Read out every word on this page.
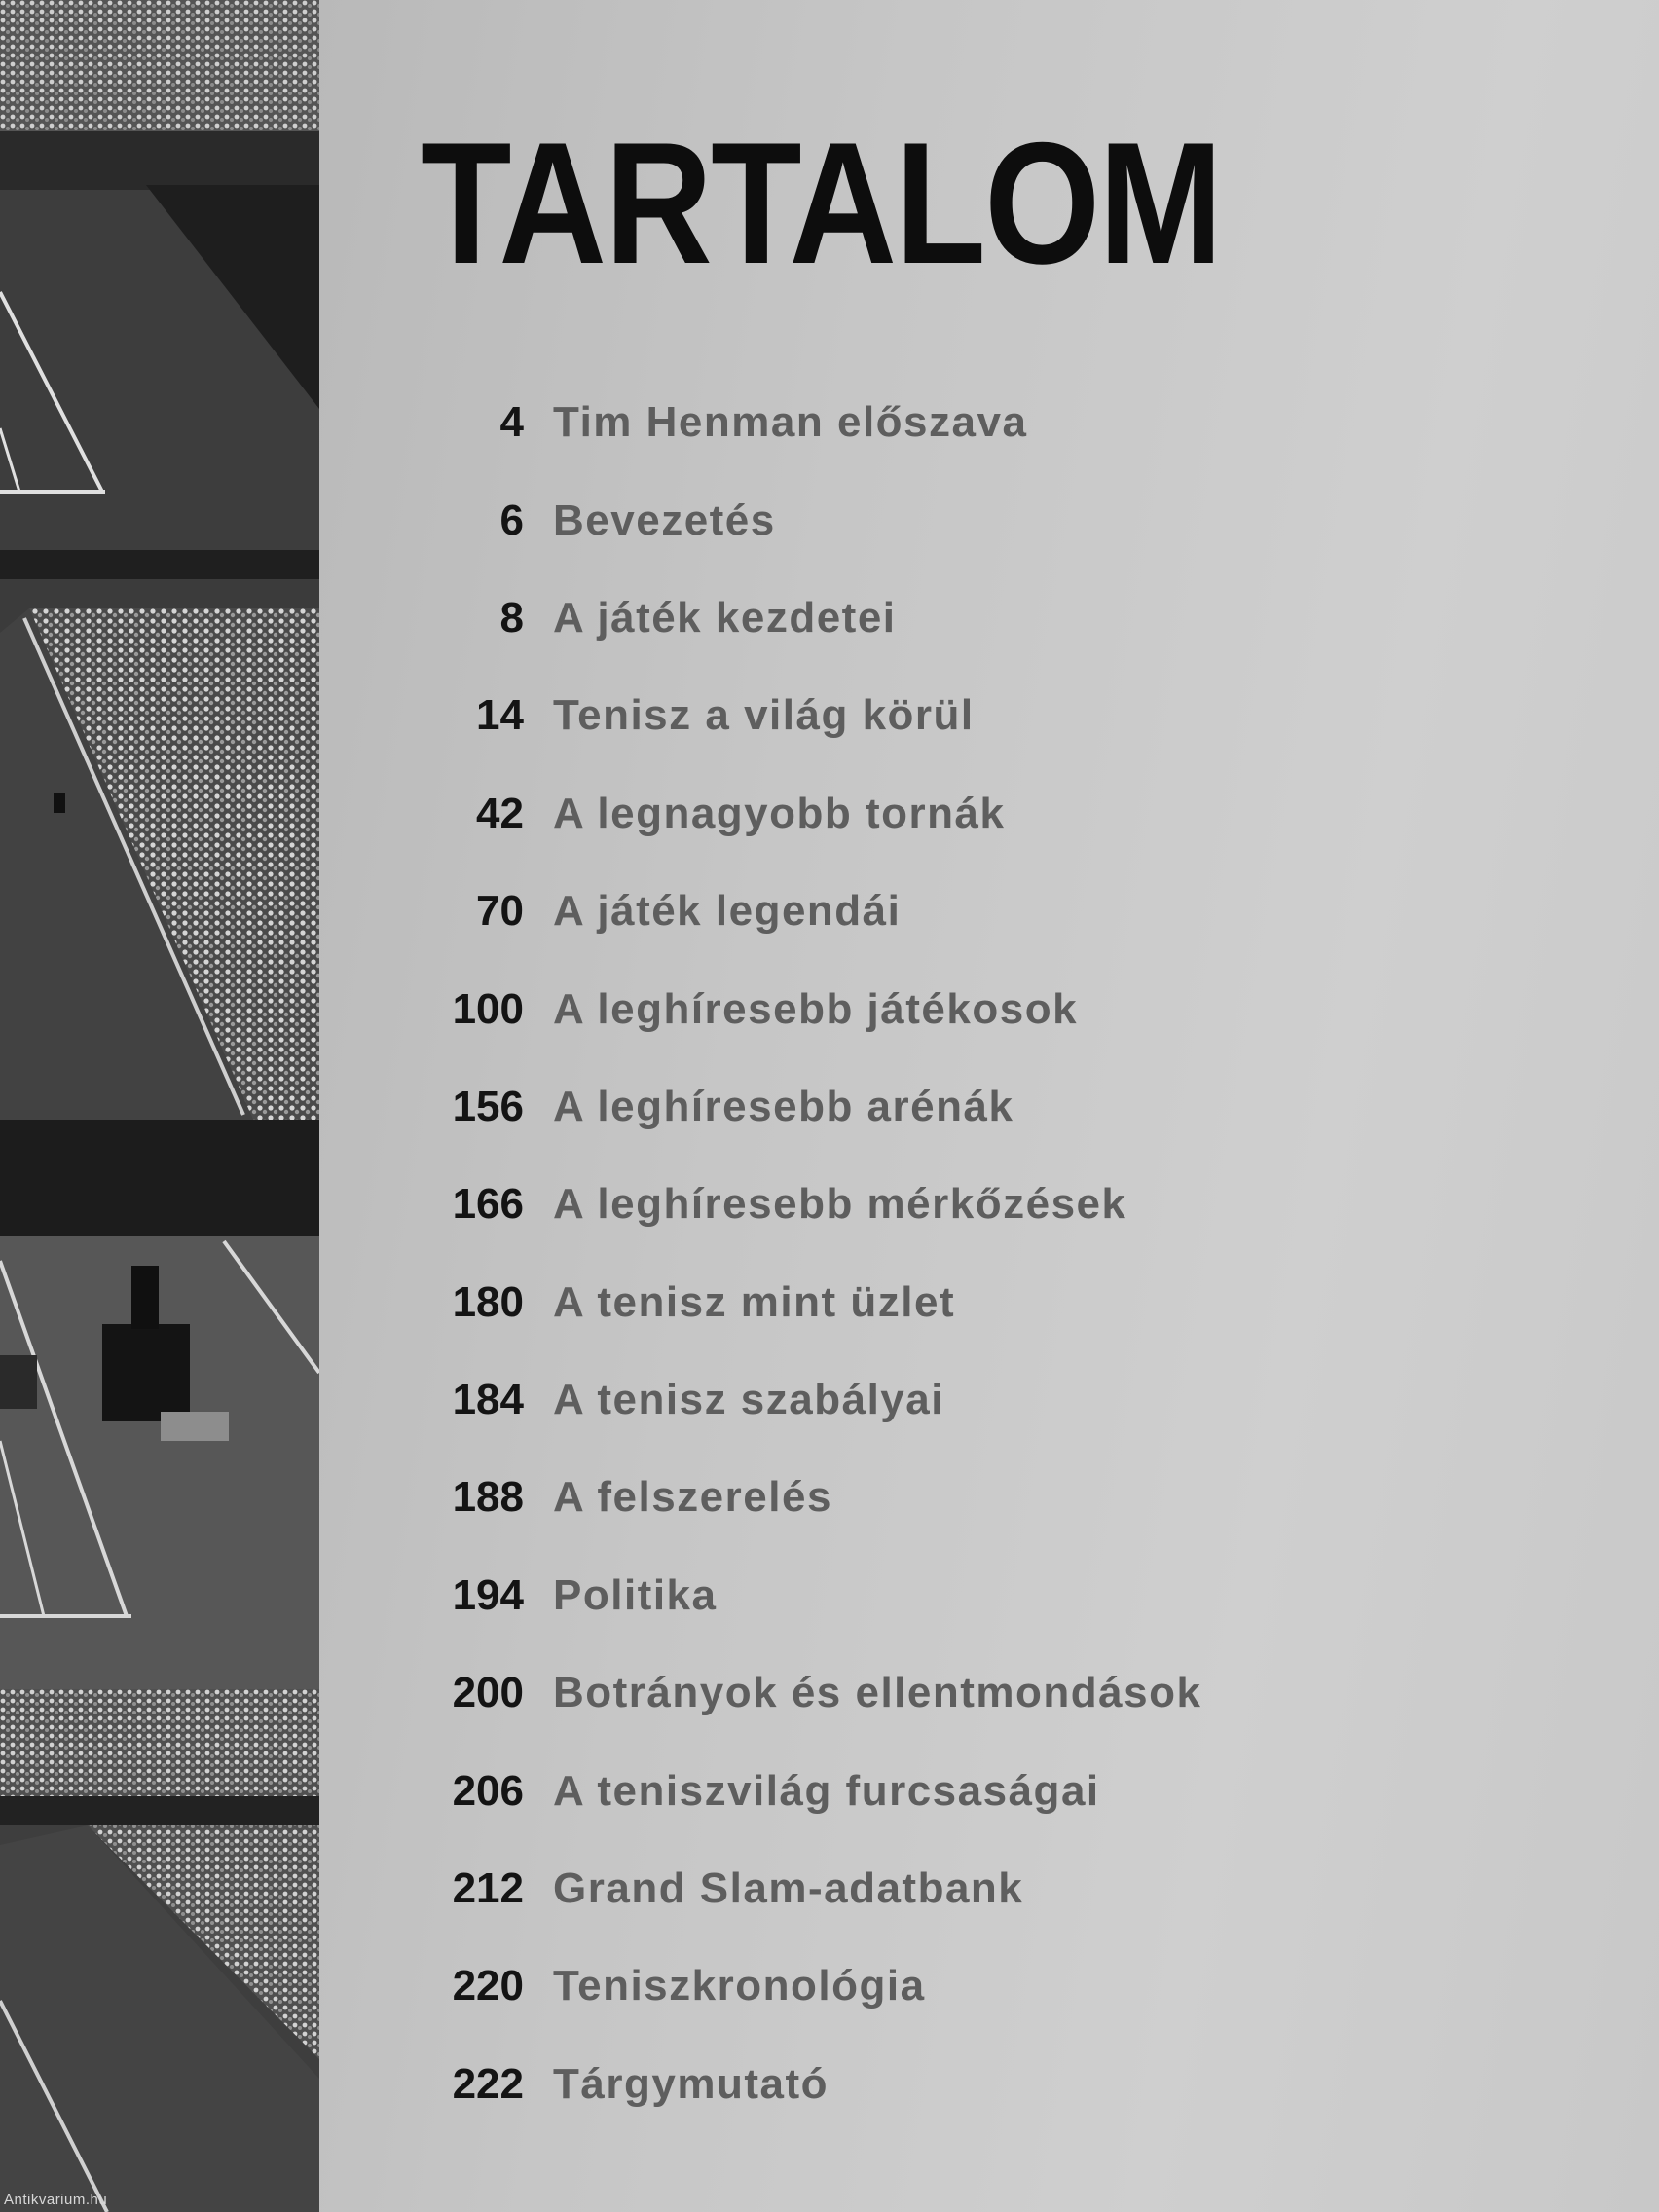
Antikvarium.hu
TARTALOM
4 Tim Henman előszava
6 Bevezetés
8 A játék kezdetei
14 Tenisz a világ körül
42 A legnagyobb tornák
70 A játék legendái
100 A leghíresebb játékosok
156 A leghíresebb arénák
166 A leghíresebb mérkőzések
180 A tenisz mint üzlet
184 A tenisz szabályai
188 A felszerelés
194 Politika
200 Botrányok és ellentmondások
206 A teniszvilág furcsaságai
212 Grand Slam-adatbank
220 Teniszkronológia
222 Tárgymutató
